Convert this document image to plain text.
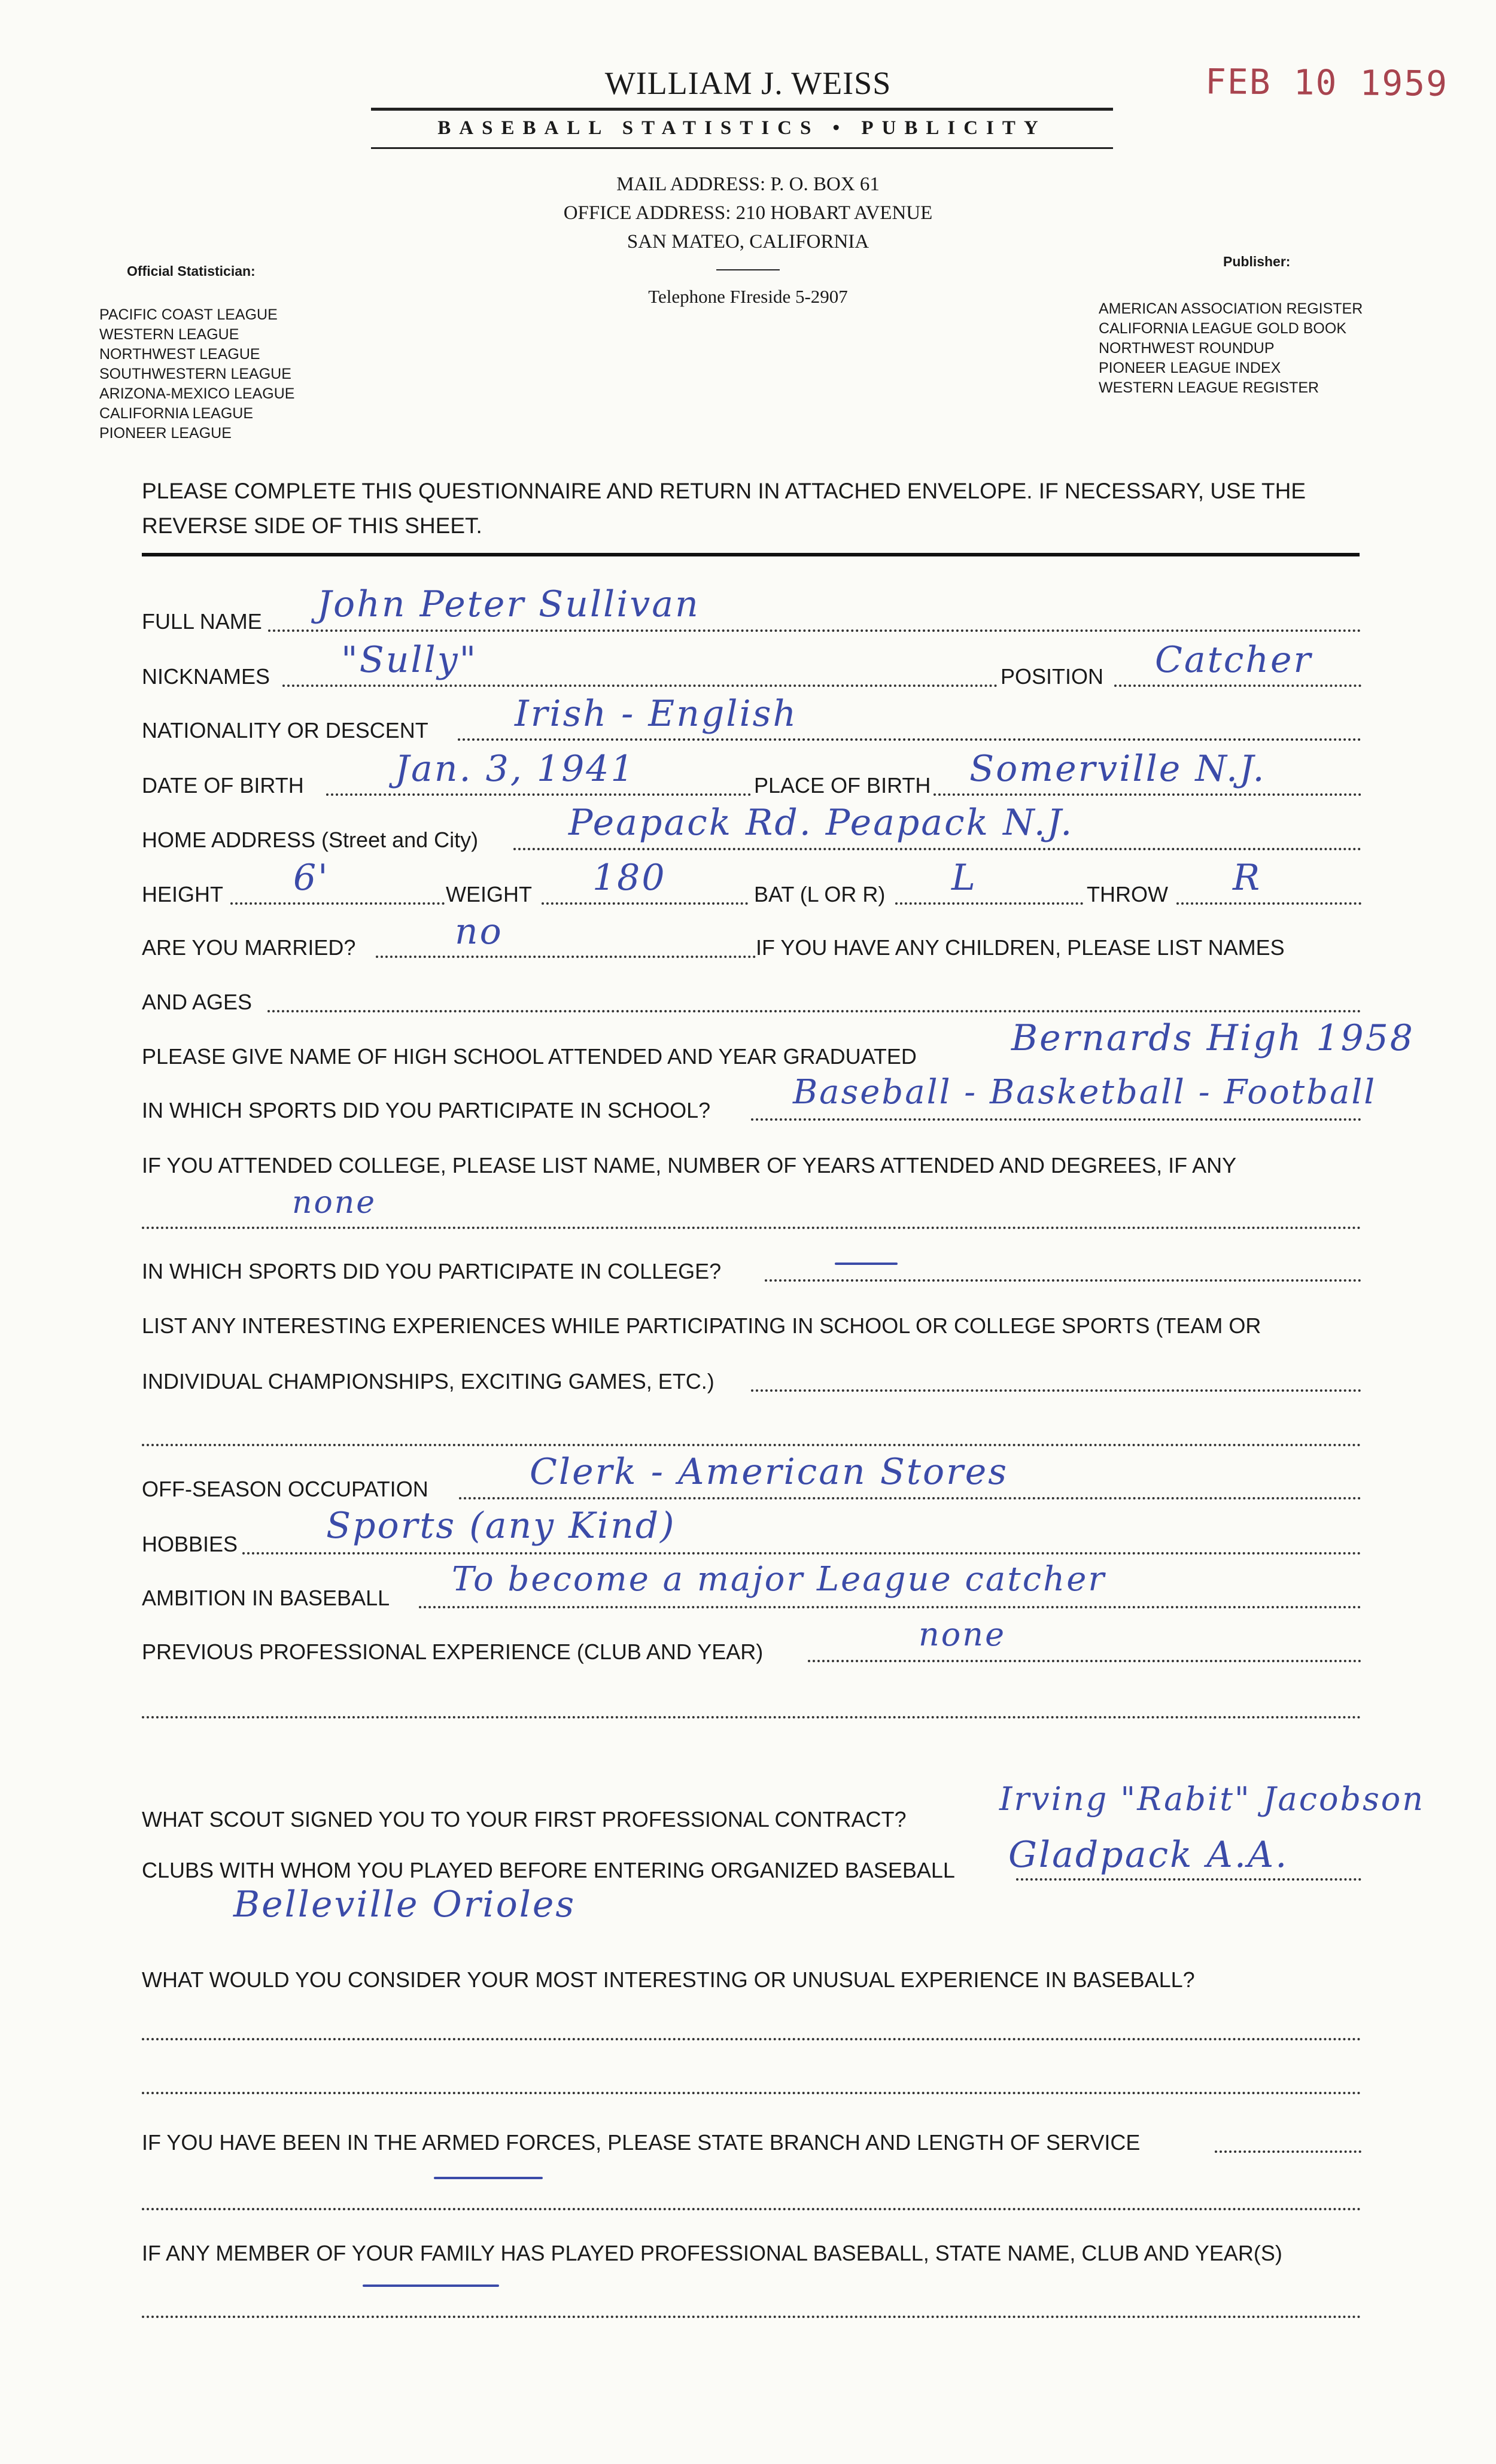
WILLIAM J. WEISS	FEB 10 1959
BASEBALL STATISTICS • PUBLICITY
MAIL ADDRESS: P. O. BOX 61
OFFICE ADDRESS: 210 HOBART AVENUE
SAN MATEO, CALIFORNIA
Telephone FIreside 5-2907
Official Statistician:
PACIFIC COAST LEAGUE
WESTERN LEAGUE
NORTHWEST LEAGUE
SOUTHWESTERN LEAGUE
ARIZONA-MEXICO LEAGUE
CALIFORNIA LEAGUE
PIONEER LEAGUE
Publisher:
AMERICAN ASSOCIATION REGISTER
CALIFORNIA LEAGUE GOLD BOOK
NORTHWEST ROUNDUP
PIONEER LEAGUE INDEX
WESTERN LEAGUE REGISTER
PLEASE COMPLETE THIS QUESTIONNAIRE AND RETURN IN ATTACHED ENVELOPE. IF NECESSARY, USE THE REVERSE SIDE OF THIS SHEET.
FULL NAME John Peter Sullivan
NICKNAMES "Sully"	POSITION Catcher
NATIONALITY OR DESCENT Irish - English
DATE OF BIRTH	Jan. 3, 1941	PLACE OF BIRTH Somerville N.J.
HOME ADDRESS (Street and City)	Peapack Rd. Peapack N.J.
HEIGHT 6'	WEIGHT 180	BAT (L OR R) L	THROW R
ARE YOU MARRIED?	no	IF YOU HAVE ANY CHILDREN, PLEASE LIST NAMES
AND AGES
PLEASE GIVE NAME OF HIGH SCHOOL ATTENDED AND YEAR GRADUATED	Bernards High 1958
IN WHICH SPORTS DID YOU PARTICIPATE IN SCHOOL? Baseball - Basketball - Football
IF YOU ATTENDED COLLEGE, PLEASE LIST NAME, NUMBER OF YEARS ATTENDED AND DEGREES, IF ANY
none
IN WHICH SPORTS DID YOU PARTICIPATE IN COLLEGE?
LIST ANY INTERESTING EXPERIENCES WHILE PARTICIPATING IN SCHOOL OR COLLEGE SPORTS (TEAM OR
INDIVIDUAL CHAMPIONSHIPS, EXCITING GAMES, ETC.)
OFF-SEASON OCCUPATION	Clerk - American Stores
HOBBIES Sports (any Kind)
AMBITION IN BASEBALL To become a major League catcher
PREVIOUS PROFESSIONAL EXPERIENCE (CLUB AND YEAR)	none
WHAT SCOUT SIGNED YOU TO YOUR FIRST PROFESSIONAL CONTRACT?
Irving "Rabit" Jacobson
CLUBS WITH WHOM YOU PLAYED BEFORE ENTERING ORGANIZED BASEBALL Gladpack A.A.
Belleville Orioles
WHAT WOULD YOU CONSIDER YOUR MOST INTERESTING OR UNUSUAL EXPERIENCE IN BASEBALL?
IF YOU HAVE BEEN IN THE ARMED FORCES, PLEASE STATE BRANCH AND LENGTH OF SERVICE
IF ANY MEMBER OF YOUR FAMILY HAS PLAYED PROFESSIONAL BASEBALL, STATE NAME, CLUB AND YEAR(S)
